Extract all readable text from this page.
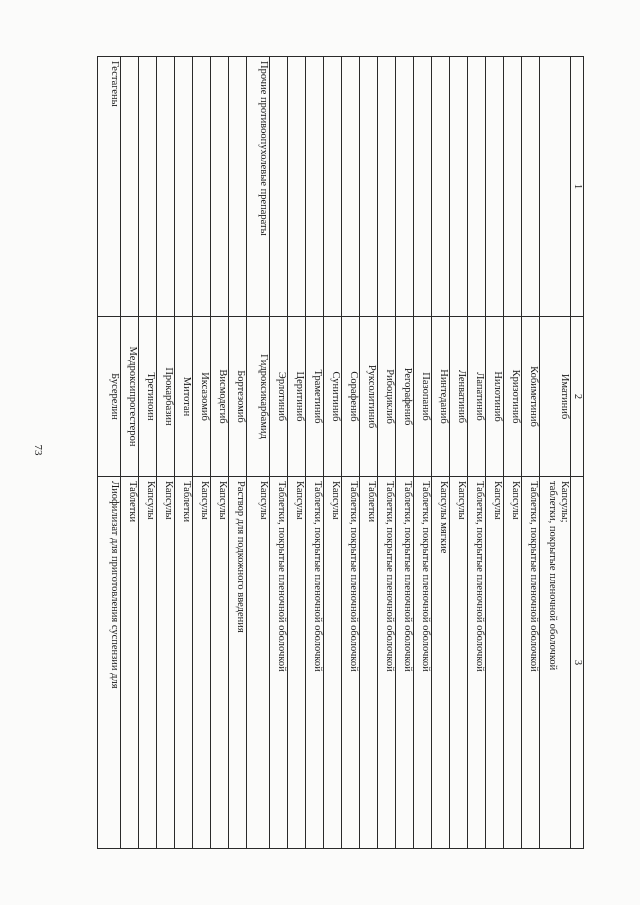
73
1	2	3
	Иматиниб	Капсулы;
таблетки, покрытые пленочной оболочкой

	Кобиметиниб	Таблетки, покрытые пленочной оболочкой

	Кризотиниб	Капсулы

	Нилотиниб	Капсулы

	Лапатиниб	Таблетки, покрытые пленочной оболочкой

	Ленватиниб	Капсулы

	Нинтеданиб	Капсулы мягкие

	Пазопаниб	Таблетки, покрытые пленочной оболочкой

	Регорафениб	Таблетки, покрытые пленочной оболочкой

	Рибоциклиб	Таблетки, покрытые пленочной оболочкой

	Руксолитиниб	Таблетки

	Сорафениб	Таблетки, покрытые пленочной оболочкой

	Сунитиниб	Капсулы

	Траметиниб	Таблетки, покрытые пленочной оболочкой

	Церитиниб	Капсулы

	Эрлотиниб	Таблетки, покрытые пленочной оболочкой

Прочие противоопухолевые препараты	Гидроксикарбамид	Капсулы

	Бортезомиб	Раствор для подкожного введения

	Висмодегиб	Капсулы

	Иксазомиб	Капсулы

	Митотан	Таблетки

	Прокарбазин	Капсулы

	Третиноин	Капсулы

	Медроксипрогестерон	Таблетки

Гестагены	Бусерелин	Лиофилизат для приготовления суспензии для
